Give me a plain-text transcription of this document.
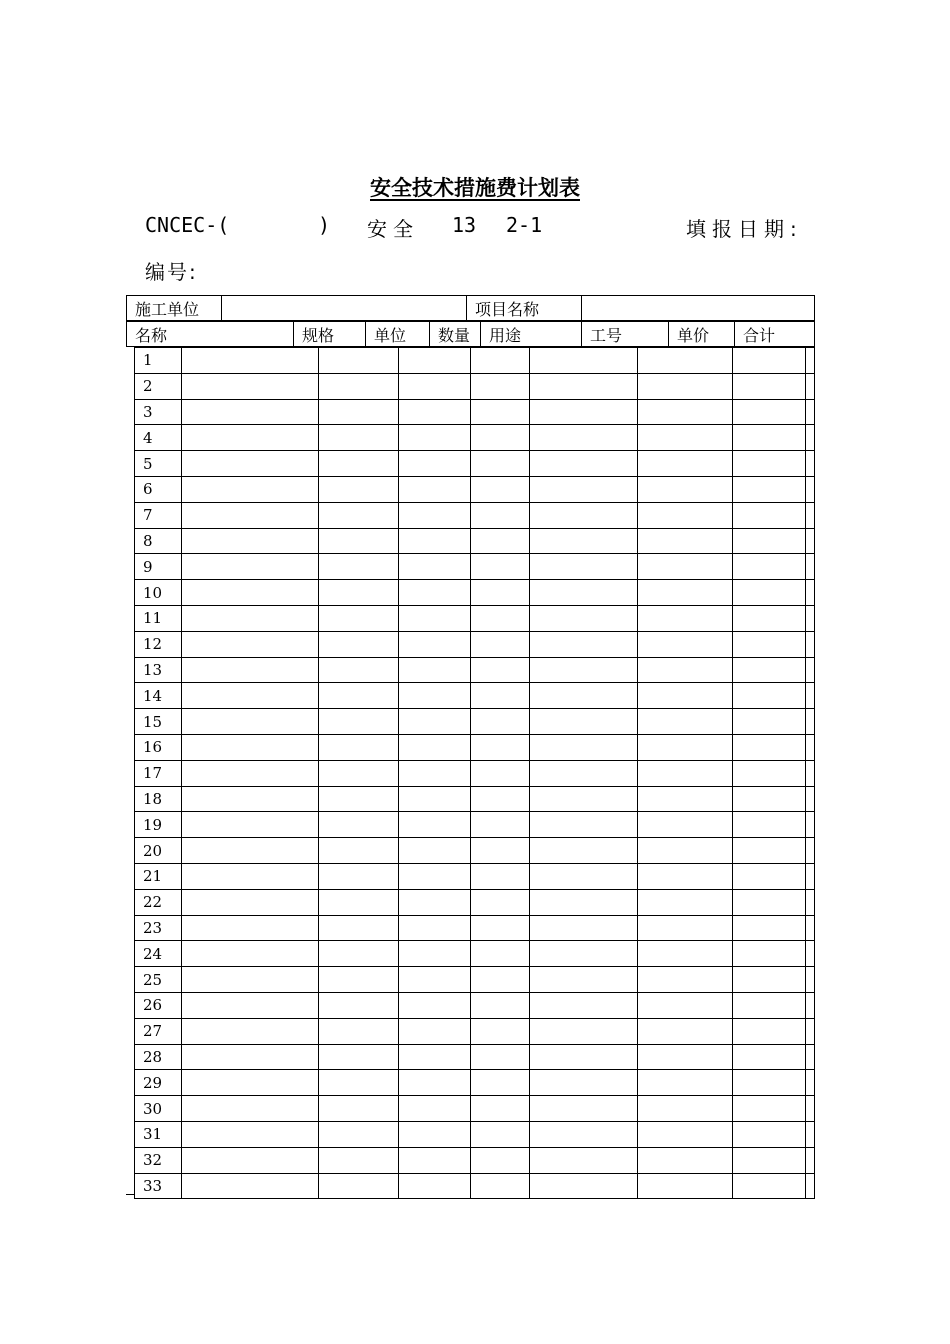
安全技术措施费计划表
CNCEC-(	) 安全 13 2-1	填报日期:
编号:
施工单位		项目名称	
名称	规格	单位	数量	用途	工号	单价	合计
1								
2								
3								
4								
5								
6								
7								
8								
9								
10								
11								
12								
13								
14								
15								
16								
17								
18								
19								
20								
21								
22								
23								
24								
25								
26								
27								
28								
29								
30								
31								
32								
33								
